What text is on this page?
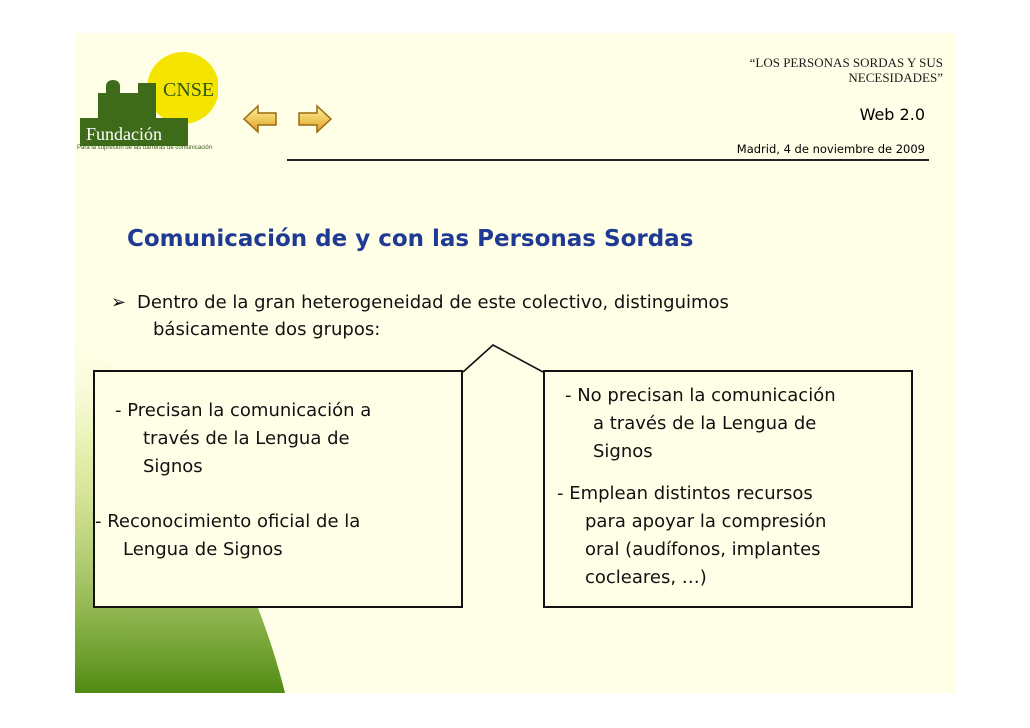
CNSE
Fundación
Para la supresión de las barreras de comunicación
“LOS PERSONAS SORDAS Y SUS
NECESIDADES”
Web 2.0
Madrid, 4 de noviembre de 2009
Comunicación de y con las Personas Sordas
➢ Dentro de la gran heterogeneidad de este colectivo, distinguimos
básicamente dos grupos:
- Precisan la comunicación a
través de la Lengua de
Signos
- Reconocimiento oficial de la
Lengua de Signos
- No precisan la comunicación
a través de la Lengua de
Signos
- Emplean distintos recursos
para apoyar la compresión
oral (audífonos, implantes
cocleares, …)
